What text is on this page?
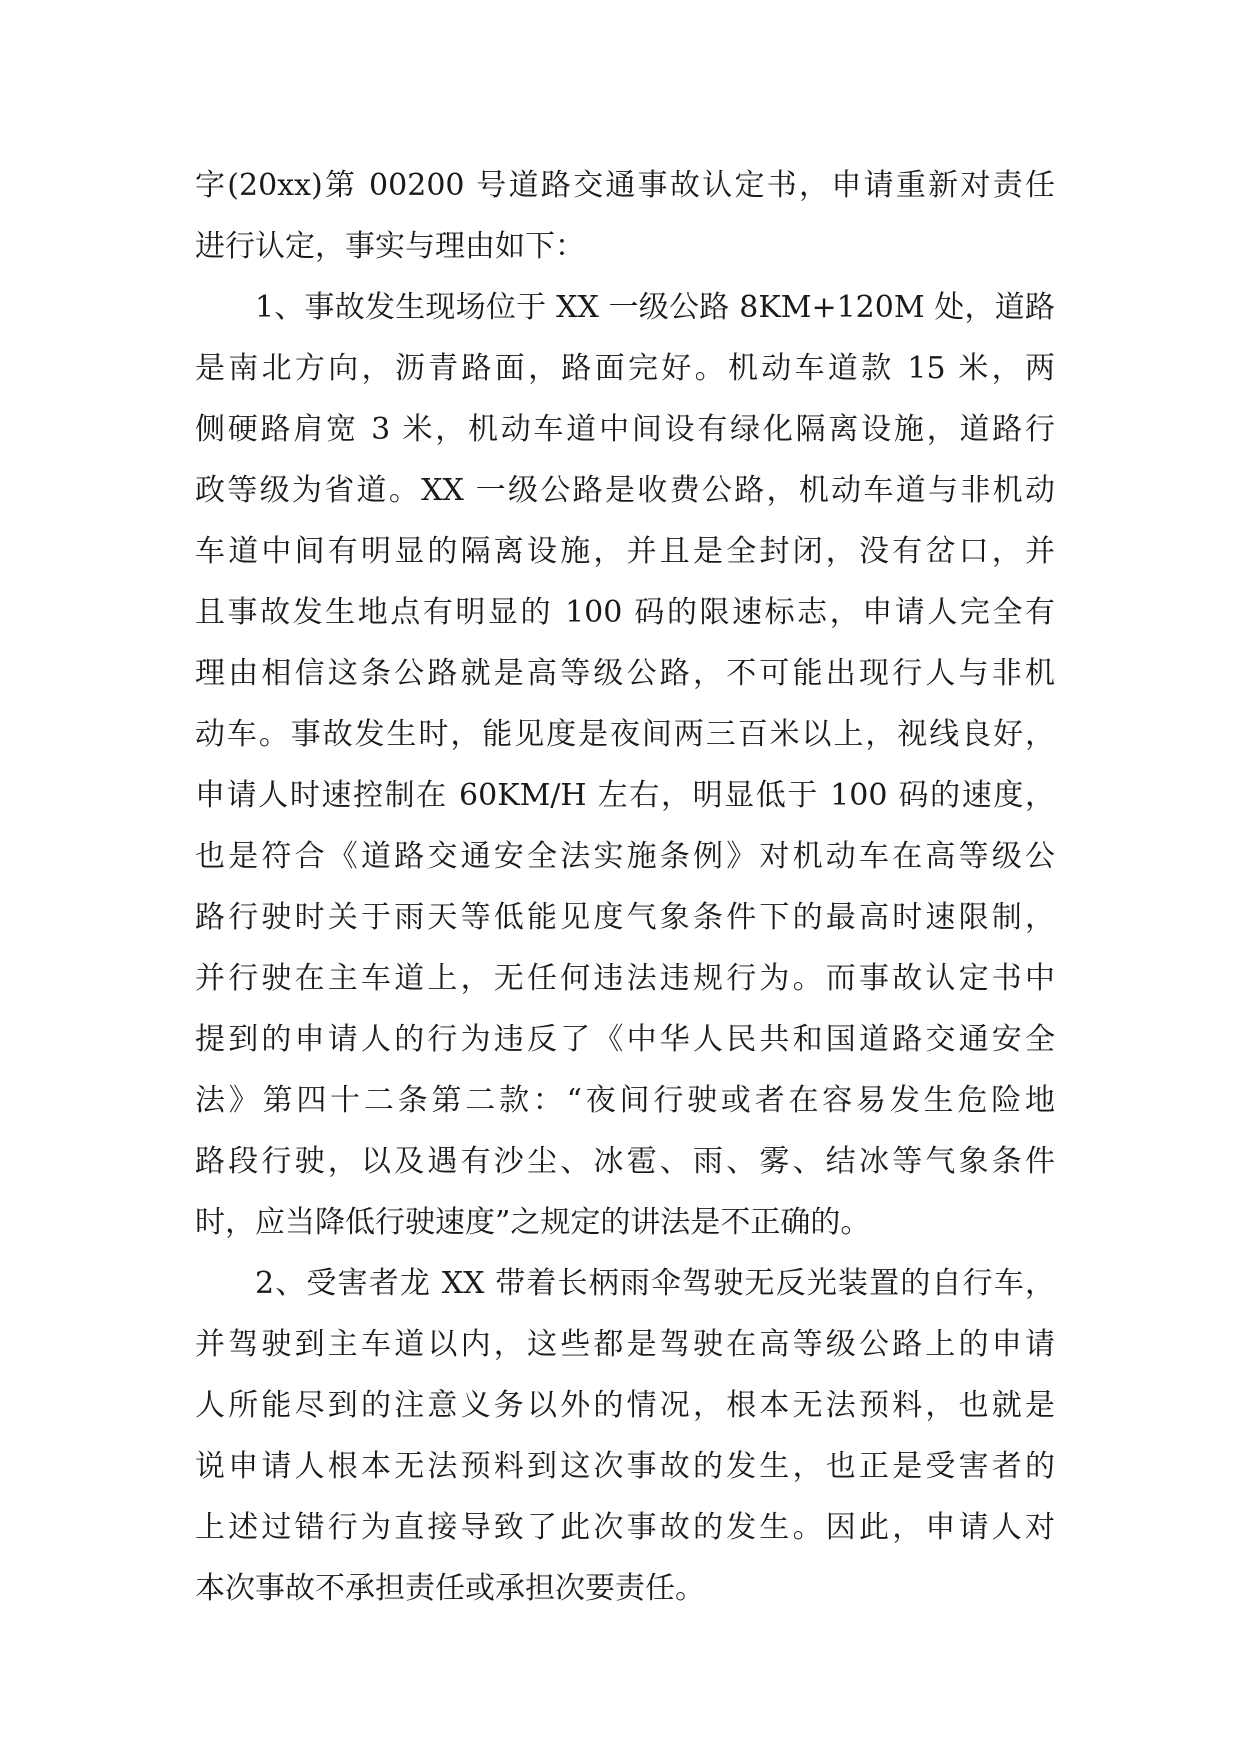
字(20xx)第 00200 号道路交通事故认定书，申请重新对责任
进行认定，事实与理由如下：
1、事故发生现场位于 XX 一级公路 8KM+120M 处，道路
是南北方向，沥青路面，路面完好。机动车道款 15 米，两
侧硬路肩宽 3 米，机动车道中间设有绿化隔离设施，道路行
政等级为省道。XX 一级公路是收费公路，机动车道与非机动
车道中间有明显的隔离设施，并且是全封闭，没有岔口，并
且事故发生地点有明显的 100 码的限速标志，申请人完全有
理由相信这条公路就是高等级公路，不可能出现行人与非机
动车。事故发生时，能见度是夜间两三百米以上，视线良好，
申请人时速控制在 60KM/H 左右，明显低于 100 码的速度，
也是符合《道路交通安全法实施条例》对机动车在高等级公
路行驶时关于雨天等低能见度气象条件下的最高时速限制，
并行驶在主车道上，无任何违法违规行为。而事故认定书中
提到的申请人的行为违反了《中华人民共和国道路交通安全
法》第四十二条第二款：“夜间行驶或者在容易发生危险地
路段行驶，以及遇有沙尘、冰雹、雨、雾、结冰等气象条件
时，应当降低行驶速度”之规定的讲法是不正确的。
2、受害者龙 XX 带着长柄雨伞驾驶无反光装置的自行车，
并驾驶到主车道以内，这些都是驾驶在高等级公路上的申请
人所能尽到的注意义务以外的情况，根本无法预料，也就是
说申请人根本无法预料到这次事故的发生，也正是受害者的
上述过错行为直接导致了此次事故的发生。因此，申请人对
本次事故不承担责任或承担次要责任。
